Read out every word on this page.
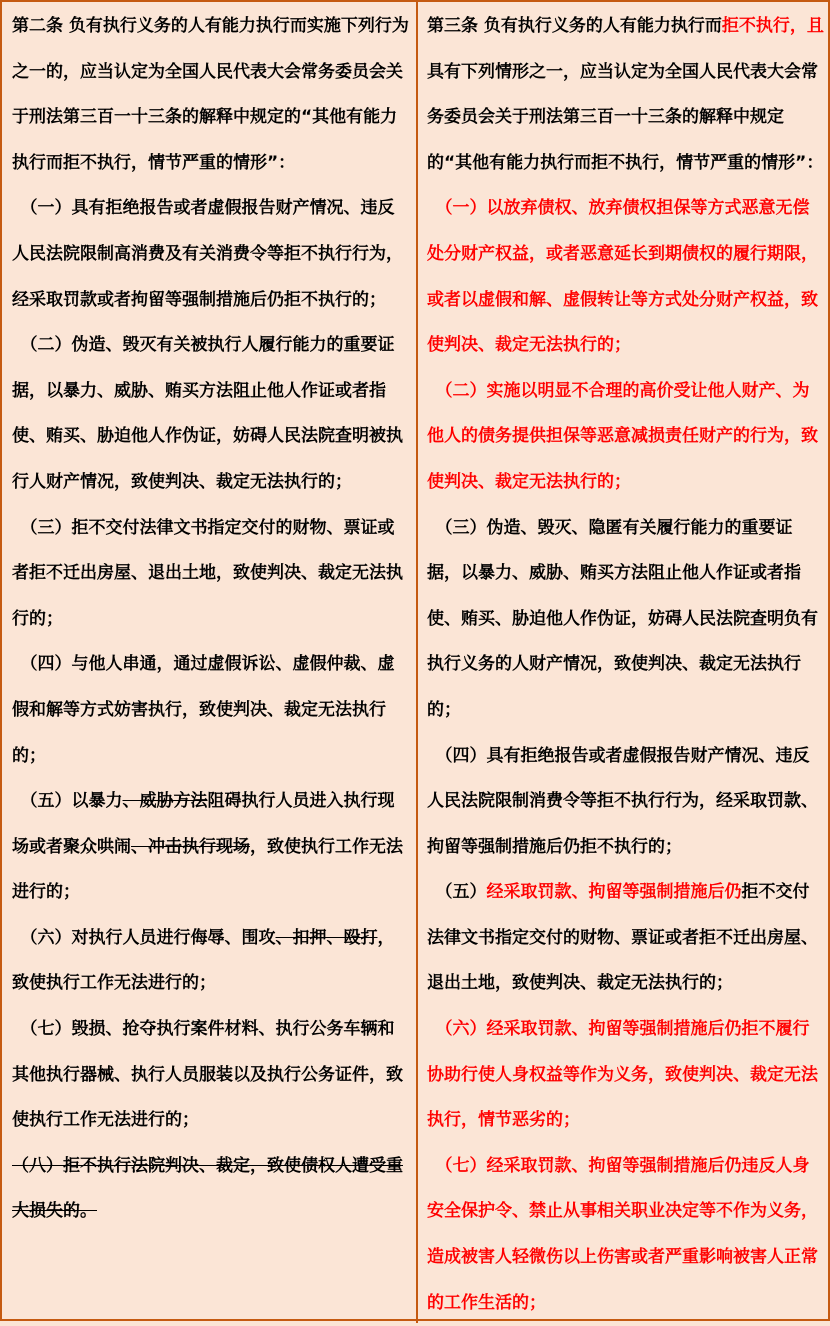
第二条 负有执行义务的人有能力执行而实施下列行为之一的，应当认定为全国人民代表大会常务委员会关于刑法第三百一十三条的解释中规定的“其他有能力执行而拒不执行，情节严重的情形”：

（一）具有拒绝报告或者虚假报告财产情况、违反人民法院限制高消费及有关消费令等拒不执行行为，经采取罚款或者拘留等强制措施后仍拒不执行的；

（二）伪造、毁灭有关被执行人履行能力的重要证据，以暴力、威胁、贿买方法阻止他人作证或者指使、贿买、胁迫他人作伪证，妨碍人民法院查明被执行人财产情况，致使判决、裁定无法执行的；

（三）拒不交付法律文书指定交付的财物、票证或者拒不迁出房屋、退出土地，致使判决、裁定无法执行的；

（四）与他人串通，通过虚假诉讼、虚假仲裁、虚假和解等方式妨害执行，致使判决、裁定无法执行的；

（五）以暴力、威胁方法阻碍执行人员进入执行现场或者聚众哄闹、冲击执行现场，致使执行工作无法进行的；

（六）对执行人员进行侮辱、围攻、扣押、殴打，致使执行工作无法进行的；

（七）毁损、抢夺执行案件材料、执行公务车辆和其他执行器械、执行人员服装以及执行公务证件，致使执行工作无法进行的；

（八）拒不执行法院判决、裁定，致使债权人遭受重大损失的。

第三条 负有执行义务的人有能力执行而拒不执行，且具有下列情形之一，应当认定为全国人民代表大会常务委员会关于刑法第三百一十三条的解释中规定的“其他有能力执行而拒不执行，情节严重的情形”：

（一）以放弃债权、放弃债权担保等方式恶意无偿处分财产权益，或者恶意延长到期债权的履行期限，或者以虚假和解、虚假转让等方式处分财产权益，致使判决、裁定无法执行的；

（二）实施以明显不合理的高价受让他人财产、为他人的债务提供担保等恶意减损责任财产的行为，致使判决、裁定无法执行的；

（三）伪造、毁灭、隐匿有关履行能力的重要证据，以暴力、威胁、贿买方法阻止他人作证或者指使、贿买、胁迫他人作伪证，妨碍人民法院查明负有执行义务的人财产情况，致使判决、裁定无法执行的；

（四）具有拒绝报告或者虚假报告财产情况、违反人民法院限制消费令等拒不执行行为，经采取罚款、拘留等强制措施后仍拒不执行的；

（五）经采取罚款、拘留等强制措施后仍拒不交付法律文书指定交付的财物、票证或者拒不迁出房屋、退出土地，致使判决、裁定无法执行的；

（六）经采取罚款、拘留等强制措施后仍拒不履行协助行使人身权益等作为义务，致使判决、裁定无法执行，情节恶劣的；

（七）经采取罚款、拘留等强制措施后仍违反人身安全保护令、禁止从事相关职业决定等不作为义务，造成被害人轻微伤以上伤害或者严重影响被害人正常的工作生活的；
